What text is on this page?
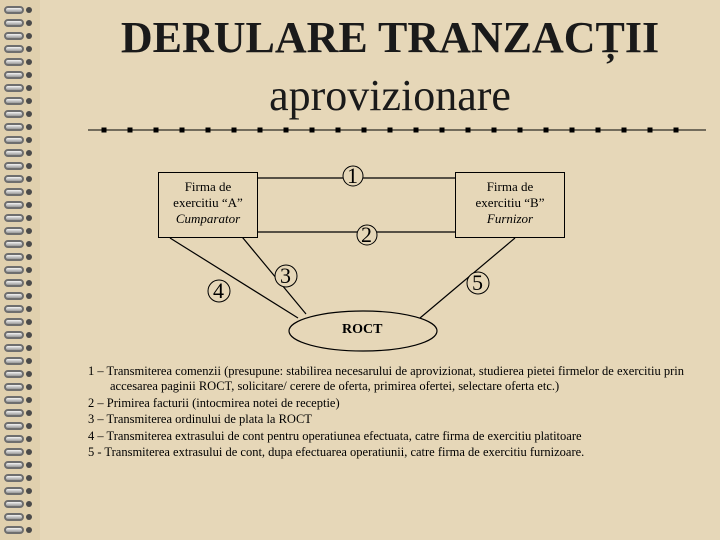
DERULARE TRANZACȚII
aprovizionare
Firma de
exercitiu “A”
Cumparator
Firma de
exercitiu “B”
Furnizor
1
2
3
4	5
ROCT

1 – Transmiterea comenzii (presupune: stabilirea necesarului de aprovizionat, studierea pietei firmelor de exercitiu prin accesarea paginii ROCT, solicitare/ cerere de oferta, primirea ofertei, selectare oferta etc.)

2 – Primirea facturii (intocmirea notei de receptie)

3 – Transmiterea ordinului de plata la ROCT

4 – Transmiterea extrasului de cont pentru operatiunea efectuata, catre firma de exercitiu platitoare

5 - Transmiterea extrasului de cont, dupa efectuarea operatiunii, catre firma de exercitiu furnizoare.
